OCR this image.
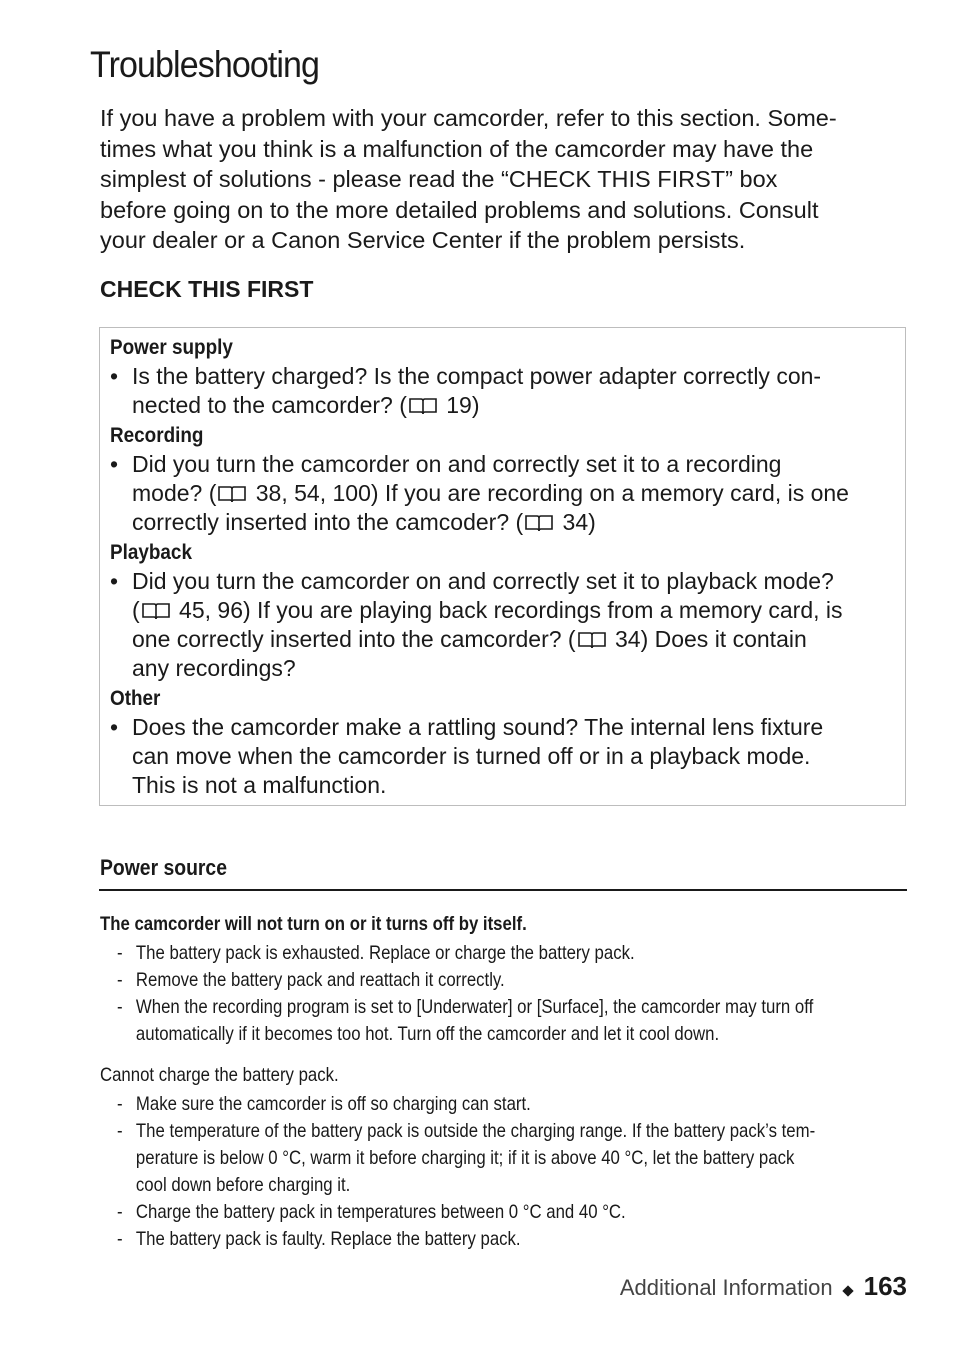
Troubleshooting

If you have a problem with your camcorder, refer to this section. Some-
times what you think is a malfunction of the camcorder may have the
simplest of solutions - please read the “CHECK THIS FIRST” box
before going on to the more detailed problems and solutions. Consult
your dealer or a Canon Service Center if the problem persists.

CHECK THIS FIRST
Power supply
• Is the battery charged? Is the compact power adapter correctly con-
nected to the camcorder? ( 19)
Recording
• Did you turn the camcorder on and correctly set it to a recording
mode? ( 38, 54, 100) If you are recording on a memory card, is one
correctly inserted into the camcoder? ( 34)
Playback
• Did you turn the camcorder on and correctly set it to playback mode?
( 45, 96) If you are playing back recordings from a memory card, is
one correctly inserted into the camcorder? ( 34) Does it contain
any recordings?
Other
• Does the camcorder make a rattling sound? The internal lens fixture
can move when the camcorder is turned off or in a playback mode.
This is not a malfunction.
Power source

The camcorder will not turn on or it turns off by itself.

- The battery pack is exhausted. Replace or charge the battery pack.
- Remove the battery pack and reattach it correctly.
- When the recording program is set to [Underwater] or [Surface], the camcorder may turn off
automatically if it becomes too hot. Turn off the camcorder and let it cool down.

Cannot charge the battery pack.

- Make sure the camcorder is off so charging can start.
- The temperature of the battery pack is outside the charging range. If the battery pack’s tem-
perature is below 0 °C, warm it before charging it; if it is above 40 °C, let the battery pack
cool down before charging it.
- Charge the battery pack in temperatures between 0 °C and 40 °C.
- The battery pack is faulty. Replace the battery pack.
Additional Information 163
